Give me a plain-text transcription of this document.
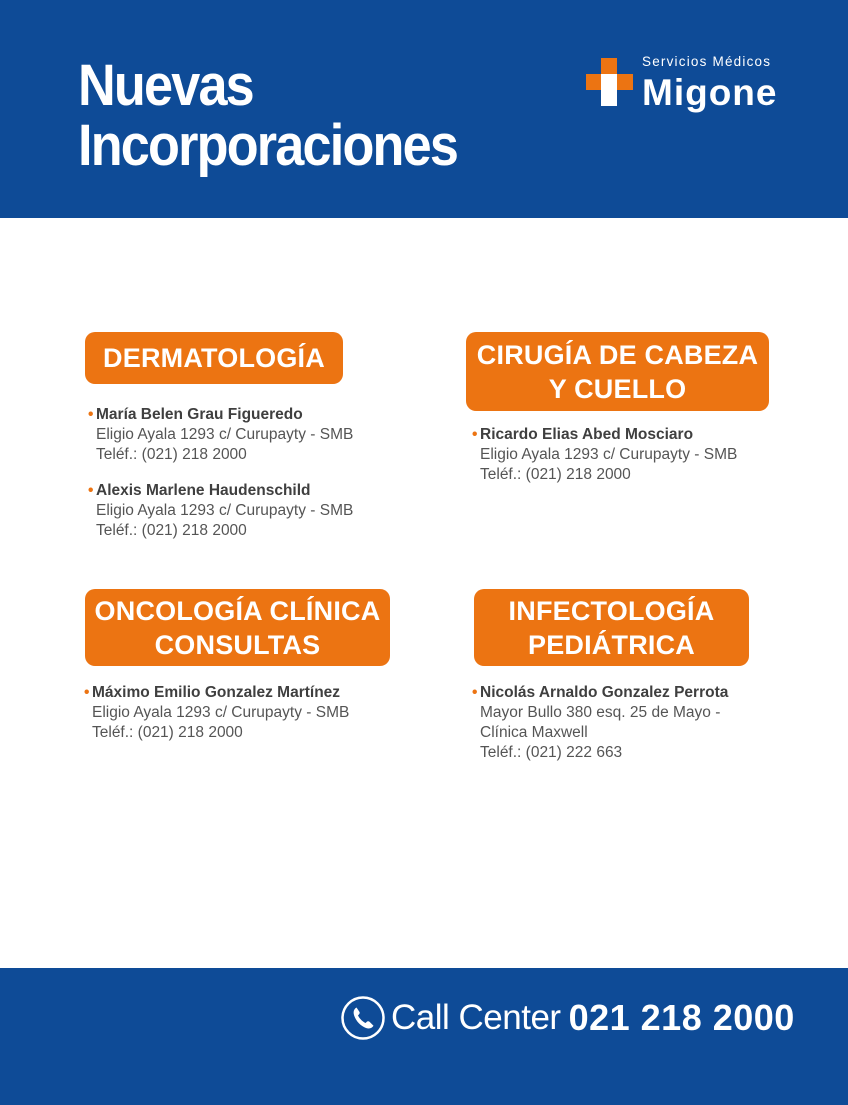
Nuevas
Incorporaciones
Servicios Médicos
Migone
DERMATOLOGÍA
• María Belen Grau Figueredo
Eligio Ayala 1293 c/ Curupayty - SMB
Teléf.: (021) 218 2000
• Alexis Marlene Haudenschild
Eligio Ayala 1293 c/ Curupayty - SMB
Teléf.: (021) 218 2000
CIRUGÍA DE CABEZA
Y CUELLO
• Ricardo Elias Abed Mosciaro
Eligio Ayala 1293 c/ Curupayty - SMB
Teléf.: (021) 218 2000
ONCOLOGÍA CLÍNICA
CONSULTAS
• Máximo Emilio Gonzalez Martínez
Eligio Ayala 1293 c/ Curupayty - SMB
Teléf.: (021) 218 2000
INFECTOLOGÍA
PEDIÁTRICA
• Nicolás Arnaldo Gonzalez Perrota
Mayor Bullo 380 esq. 25 de Mayo -
Clínica Maxwell
Teléf.: (021) 222 663
Call Center 021 218 2000
